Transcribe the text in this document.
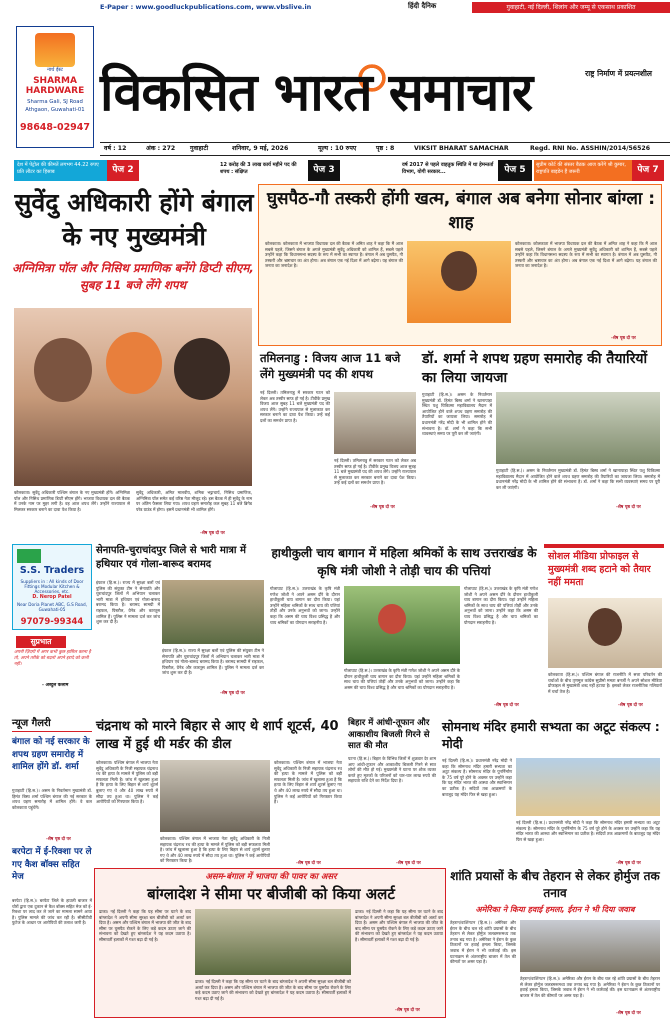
E-Paper : www.goodluckpublications.com, www.vbslive.in	हिंदी दैनिक	गुवाहाटी, नई दिल्ली, शिलांग और जम्मू से एकसाथ प्रकाशित
नार्थ ईस्ट
SHARMA HARDWARE
Sharma Gali, SJ Road
Athgaon, Guwahati-01
98648-02947
राष्ट्र निर्माण में प्रयत्नशील
विकसित भारत समाचार
वर्ष : 12	अंक : 272 गुवाहाटी	शनिवार, 9 मई, 2026	मूल्य : 10 रुपए	पृष्ठ : 8	VIKSIT BHARAT SAMACHAR	Regd. RNI No. ASSHIN/2014/56526
देश में पेट्रोल की कीमतें लगभग 44.22 रुपए प्रति लीटर का हिसाब	पेज 2	12 करोड़ की 3 लाख कार्य महीने पद की शपथ : संक्षिप्त	पेज 3	वर्ष 2017 से पहले वाहतुक स्थिति में था हेमन्तर्ता विभाग, योगी सरकार...	पेज 5	सुप्रीम कोर्ट की संस्तर बैठक आज करेंगे श्री कुमार, राष्ट्रपति बाइडेन हैं जरूरी	पेज 7
सुवेंदु अधिकारी होंगे बंगाल के नए मुख्यमंत्री
अग्निमित्रा पॉल और निसिथ प्रमाणिक बनेंगे डिप्टी सीएम, सुबह 11 बजे लेंगे शपथ
कोलकाता। सुवेंदु अधिकारी पश्चिम बंगाल के नए मुख्यमंत्री होंगे। अग्निमित्रा पॉल और निसिथ प्रमाणिक डिप्टी सीएम होंगे। भाजपा विधायक दल की बैठक में उनके नाम पर मुहर लगी है। वह आज शपथ लेंगे। उन्होंने राज्यपाल से मिलकर सरकार बनाने का दावा पेश किया है।
सुवेंदु अधिकारी, अमित मालवीय, शमिक भट्टाचार्य, निसिथ प्रमाणिक, अग्निमित्रा पॉल समेत कई वरिष्ठ नेता मौजूद रहे। इस बैठक में ही सुवेंदु के नाम पर अंतिम फैसला लिया गया। शपथ ग्रहण समारोह कल सुबह 11 बजे ब्रिगेड परेड ग्राउंड में होगा। इसमें प्रधानमंत्री भी शामिल होंगे।
-शेष पृष्ठ दो पर
घुसपैठ-गौ तस्करी होंगी खत्म, बंगाल अब बनेगा सोनार बांग्ला : शाह
कोलकाता। कोलकाता में भाजपा विधायक दल की बैठक में अमित शाह ने कहा कि मैं आज सबसे पहले, जिसने बंगाल के अगले मुख्यमंत्री सुवेंदु अधिकारी को शामिल हैं, सबसे पहले उन्होंने कहा कि विधानसभा सदस्य के रूप में सभी का स्वागत है। बंगाल में अब घुसपैठ, गौ तस्करी और भ्रष्टाचार का अंत होगा। अब बंगाल एक नई दिशा में आगे बढ़ेगा। यह बंगाल की जनता का जनादेश है।
कोलकाता। कोलकाता में भाजपा विधायक दल की बैठक में अमित शाह ने कहा कि मैं आज सबसे पहले, जिसने बंगाल के अगले मुख्यमंत्री सुवेंदु अधिकारी को शामिल हैं, सबसे पहले उन्होंने कहा कि विधानसभा सदस्य के रूप में सभी का स्वागत है। बंगाल में अब घुसपैठ, गौ तस्करी और भ्रष्टाचार का अंत होगा। अब बंगाल एक नई दिशा में आगे बढ़ेगा। यह बंगाल की जनता का जनादेश है।
-शेष पृष्ठ दो पर
तमिलनाडु : विजय आज 11 बजे लेंगे मुख्यमंत्री पद की शपथ
नई दिल्ली। तमिलनाडु में सरकार गठन को लेकर अब तस्वीर साफ हो गई है। टीवीके प्रमुख विजय आज सुबह 11 बजे मुख्यमंत्री पद की शपथ लेंगे। उन्होंने राज्यपाल से मुलाकात कर सरकार बनाने का दावा पेश किया। उन्हें कई दलों का समर्थन प्राप्त है।
नई दिल्ली। तमिलनाडु में सरकार गठन को लेकर अब तस्वीर साफ हो गई है। टीवीके प्रमुख विजय आज सुबह 11 बजे मुख्यमंत्री पद की शपथ लेंगे। उन्होंने राज्यपाल से मुलाकात कर सरकार बनाने का दावा पेश किया। उन्हें कई दलों का समर्थन प्राप्त है।
-शेष पृष्ठ दो पर
डॉ. शर्मा ने शपथ ग्रहण समारोह की तैयारियों का लिया जायजा
गुवाहाटी (हि.स.)। असम के निवर्तमान मुख्यमंत्री डॉ. हिमंत बिस्व शर्मा ने खानापाड़ा स्थित पशु चिकित्सा महाविद्यालय मैदान में आयोजित होने वाले शपथ ग्रहण समारोह की तैयारियों का जायजा लिया। समारोह में प्रधानमंत्री नरेंद्र मोदी के भी शामिल होने की संभावना है। डॉ. शर्मा ने कहा कि सभी व्यवस्थाएं समय पर पूरी कर ली जाएंगी।
गुवाहाटी (हि.स.)। असम के निवर्तमान मुख्यमंत्री डॉ. हिमंत बिस्व शर्मा ने खानापाड़ा स्थित पशु चिकित्सा महाविद्यालय मैदान में आयोजित होने वाले शपथ ग्रहण समारोह की तैयारियों का जायजा लिया। समारोह में प्रधानमंत्री नरेंद्र मोदी के भी शामिल होने की संभावना है। डॉ. शर्मा ने कहा कि सभी व्यवस्थाएं समय पर पूरी कर ली जाएंगी।
-शेष पृष्ठ दो पर
S.S. Traders
Suppliers in : All kinds of Door Fittings Modular Kitchen & Accessories, etc.
D. Nerop Patel
Near Doria Planet ABC, G.S Road, Guwahati-05
97079-99344
सुप्रभात
अपनी ज़िंदगी में अगर कभी कुछ हासिल करना है तो, अपने तरीके को बदलो अपने इरादे को कभी नहीं।
- अब्दुल कलाम
सेनापति-चुराचांदपुर जिले से भारी मात्रा में हथियार एवं गोला-बारूद बरामद
इंफाल (हि.स.)। राज्य में सुरक्षा बलों एवं पुलिस की संयुक्त टीम ने सेनापति और चुराचांदपुर जिलों में अभियान चलाकर भारी मात्रा में हथियार एवं गोला-बारूद बरामद किया है। बरामद सामग्री में राइफल, पिस्तौल, ग्रेनेड और कारतूस शामिल हैं। पुलिस ने मामला दर्ज कर जांच शुरू कर दी है।
इंफाल (हि.स.)। राज्य में सुरक्षा बलों एवं पुलिस की संयुक्त टीम ने सेनापति और चुराचांदपुर जिलों में अभियान चलाकर भारी मात्रा में हथियार एवं गोला-बारूद बरामद किया है। बरामद सामग्री में राइफल, पिस्तौल, ग्रेनेड और कारतूस शामिल हैं। पुलिस ने मामला दर्ज कर जांच शुरू कर दी है।
-शेष पृष्ठ दो पर
हाथीकुली चाय बागान में महिला श्रमिकों के साथ उत्तराखंड के कृषि मंत्री जोशी ने तोड़ी चाय की पत्तियां
गोलाघाट (हि.स.)। उत्तराखंड के कृषि मंत्री गणेश जोशी ने अपने असम दौरे के दौरान हाथीकुली चाय बागान का दौरा किया। यहां उन्होंने महिला श्रमिकों के साथ चाय की पत्तियां तोड़ीं और उनके अनुभवों को जाना। उन्होंने कहा कि असम की चाय विश्व प्रसिद्ध है और चाय श्रमिकों का योगदान सराहनीय है।
गोलाघाट (हि.स.)। उत्तराखंड के कृषि मंत्री गणेश जोशी ने अपने असम दौरे के दौरान हाथीकुली चाय बागान का दौरा किया। यहां उन्होंने महिला श्रमिकों के साथ चाय की पत्तियां तोड़ीं और उनके अनुभवों को जाना। उन्होंने कहा कि असम की चाय विश्व प्रसिद्ध है और चाय श्रमिकों का योगदान सराहनीय है।
गोलाघाट (हि.स.)। उत्तराखंड के कृषि मंत्री गणेश जोशी ने अपने असम दौरे के दौरान हाथीकुली चाय बागान का दौरा किया। यहां उन्होंने महिला श्रमिकों के साथ चाय की पत्तियां तोड़ीं और उनके अनुभवों को जाना। उन्होंने कहा कि असम की चाय विश्व प्रसिद्ध है और चाय श्रमिकों का योगदान सराहनीय है।
-शेष पृष्ठ दो पर
सोशल मीडिया प्रोफाइल से मुख्यमंत्री शब्द हटाने को तैयार नहीं ममता
कोलकाता (हि.स.)। पश्चिम बंगाल की राजनीति में सत्ता परिवर्तन की चर्चाओं के बीच तृणमूल कांग्रेस सुप्रीमो ममता बनर्जी ने अपने सोशल मीडिया प्रोफाइल से मुख्यमंत्री शब्द नहीं हटाया है। इसको लेकर राजनीतिक गलियारों में चर्चा तेज है।
-शेष पृष्ठ दो पर
न्यूज गैलरी
बंगाल को नई सरकार के शपथ ग्रहण समारोह में शामिल होंगे डॉ. शर्मा
गुवाहाटी (हि.स.)। असम के निवर्तमान मुख्यमंत्री डॉ. हिमंत बिस्व शर्मा पश्चिम बंगाल की नई सरकार के शपथ ग्रहण समारोह में शामिल होंगे। वे कल कोलकाता पहुंचेंगे।
-शेष पृष्ठ दो पर
बरपेटा में ई-रिक्शा पर ले गए कैश बॉक्स सहित मेज
बरपेटा (हि.स.)। बरपेटा जिले के हाउली बाजार में चोरों द्वारा एक दुकान से कैश बॉक्स सहित मेज को ई-रिक्शा पर लाद कर ले जाने का मामला सामने आया है। पुलिस मामले की जांच कर रही है। सीसीटीवी फुटेज के आधार पर आरोपियों की तलाश जारी है।
चंद्रनाथ को मारने बिहार से आए थे शार्प शूटर्स, 40 लाख में हुई थी मर्डर की डील
कोलकाता। पश्चिम बंगाल में भाजपा नेता सुवेंदु अधिकारी के निजी सहायक चंद्रनाथ रथ की हत्या के मामले में पुलिस को बड़ी सफलता मिली है। जांच में खुलासा हुआ है कि हत्या के लिए बिहार से शार्प शूटर्स बुलाए गए थे और 40 लाख रुपये में सौदा तय हुआ था। पुलिस ने कई आरोपियों को गिरफ्तार किया है।
कोलकाता। पश्चिम बंगाल में भाजपा नेता सुवेंदु अधिकारी के निजी सहायक चंद्रनाथ रथ की हत्या के मामले में पुलिस को बड़ी सफलता मिली है। जांच में खुलासा हुआ है कि हत्या के लिए बिहार से शार्प शूटर्स बुलाए गए थे और 40 लाख रुपये में सौदा तय हुआ था। पुलिस ने कई आरोपियों को गिरफ्तार किया है।
कोलकाता। पश्चिम बंगाल में भाजपा नेता सुवेंदु अधिकारी के निजी सहायक चंद्रनाथ रथ की हत्या के मामले में पुलिस को बड़ी सफलता मिली है। जांच में खुलासा हुआ है कि हत्या के लिए बिहार से शार्प शूटर्स बुलाए गए थे और 40 लाख रुपये में सौदा तय हुआ था। पुलिस ने कई आरोपियों को गिरफ्तार किया है।
-शेष पृष्ठ दो पर
बिहार में आंधी-तूफान और आकाशीय बिजली गिरने से सात की मौत
पटना (हि.स.)। बिहार के विभिन्न जिलों में शुक्रवार देर शाम आए आंधी-तूफान और आकाशीय बिजली गिरने से सात लोगों की मौत हो गई। मुख्यमंत्री ने घटना पर शोक व्यक्त करते हुए मृतकों के परिजनों को चार-चार लाख रुपये की सहायता राशि देने का निर्देश दिया है।
-शेष पृष्ठ दो पर
सोमनाथ मंदिर हमारी सभ्यता का अटूट संकल्प : मोदी
नई दिल्ली (हि.स.)। प्रधानमंत्री नरेंद्र मोदी ने कहा कि सोमनाथ मंदिर हमारी सभ्यता का अटूट संकल्प है। सोमनाथ मंदिर के पुनर्निर्माण के 75 वर्ष पूरे होने के अवसर पर उन्होंने कहा कि यह मंदिर भारत की आस्था और स्वाभिमान का प्रतीक है। सदियों तक आक्रमणों के बावजूद यह मंदिर फिर से खड़ा हुआ।
नई दिल्ली (हि.स.)। प्रधानमंत्री नरेंद्र मोदी ने कहा कि सोमनाथ मंदिर हमारी सभ्यता का अटूट संकल्प है। सोमनाथ मंदिर के पुनर्निर्माण के 75 वर्ष पूरे होने के अवसर पर उन्होंने कहा कि यह मंदिर भारत की आस्था और स्वाभिमान का प्रतीक है। सदियों तक आक्रमणों के बावजूद यह मंदिर फिर से खड़ा हुआ।
-शेष पृष्ठ दो पर
असम-बंगाल में भाजपा की पावर का असर
बांग्लादेश ने सीमा पर बीजीबी को किया अलर्ट
ढाका। नई दिल्ली ने कहा कि यह सीमा पर घटने के बाद बांग्लादेश ने अपनी सीमा सुरक्षा बल बीजीबी को अलर्ट कर दिया है। असम और पश्चिम बंगाल में भाजपा की जीत के बाद सीमा पर घुसपैठ रोकने के लिए कड़े कदम उठाए जाने की संभावना को देखते हुए बांग्लादेश ने यह कदम उठाया है। सीमावर्ती इलाकों में गश्त बढ़ा दी गई है।
ढाका। नई दिल्ली ने कहा कि यह सीमा पर घटने के बाद बांग्लादेश ने अपनी सीमा सुरक्षा बल बीजीबी को अलर्ट कर दिया है। असम और पश्चिम बंगाल में भाजपा की जीत के बाद सीमा पर घुसपैठ रोकने के लिए कड़े कदम उठाए जाने की संभावना को देखते हुए बांग्लादेश ने यह कदम उठाया है। सीमावर्ती इलाकों में गश्त बढ़ा दी गई है।
ढाका। नई दिल्ली ने कहा कि यह सीमा पर घटने के बाद बांग्लादेश ने अपनी सीमा सुरक्षा बल बीजीबी को अलर्ट कर दिया है। असम और पश्चिम बंगाल में भाजपा की जीत के बाद सीमा पर घुसपैठ रोकने के लिए कड़े कदम उठाए जाने की संभावना को देखते हुए बांग्लादेश ने यह कदम उठाया है। सीमावर्ती इलाकों में गश्त बढ़ा दी गई है।
-शेष पृष्ठ दो पर
शांति प्रयासों के बीच तेहरान से लेकर होर्मुज तक तनाव
अमेरिका ने किया हवाई हमला, ईरान ने भी दिया जवाब
तेहरान/वाशिंगटन (हि.स.)। अमेरिका और ईरान के बीच चल रहे शांति प्रयासों के बीच तेहरान से लेकर होर्मुज जलडमरूमध्य तक तनाव बढ़ गया है। अमेरिका ने ईरान के कुछ ठिकानों पर हवाई हमला किया, जिसके जवाब में ईरान ने भी कार्रवाई की। इस घटनाक्रम से अंतरराष्ट्रीय बाजार में तेल की कीमतों पर असर पड़ा है।
तेहरान/वाशिंगटन (हि.स.)। अमेरिका और ईरान के बीच चल रहे शांति प्रयासों के बीच तेहरान से लेकर होर्मुज जलडमरूमध्य तक तनाव बढ़ गया है। अमेरिका ने ईरान के कुछ ठिकानों पर हवाई हमला किया, जिसके जवाब में ईरान ने भी कार्रवाई की। इस घटनाक्रम से अंतरराष्ट्रीय बाजार में तेल की कीमतों पर असर पड़ा है।
-शेष पृष्ठ दो पर
